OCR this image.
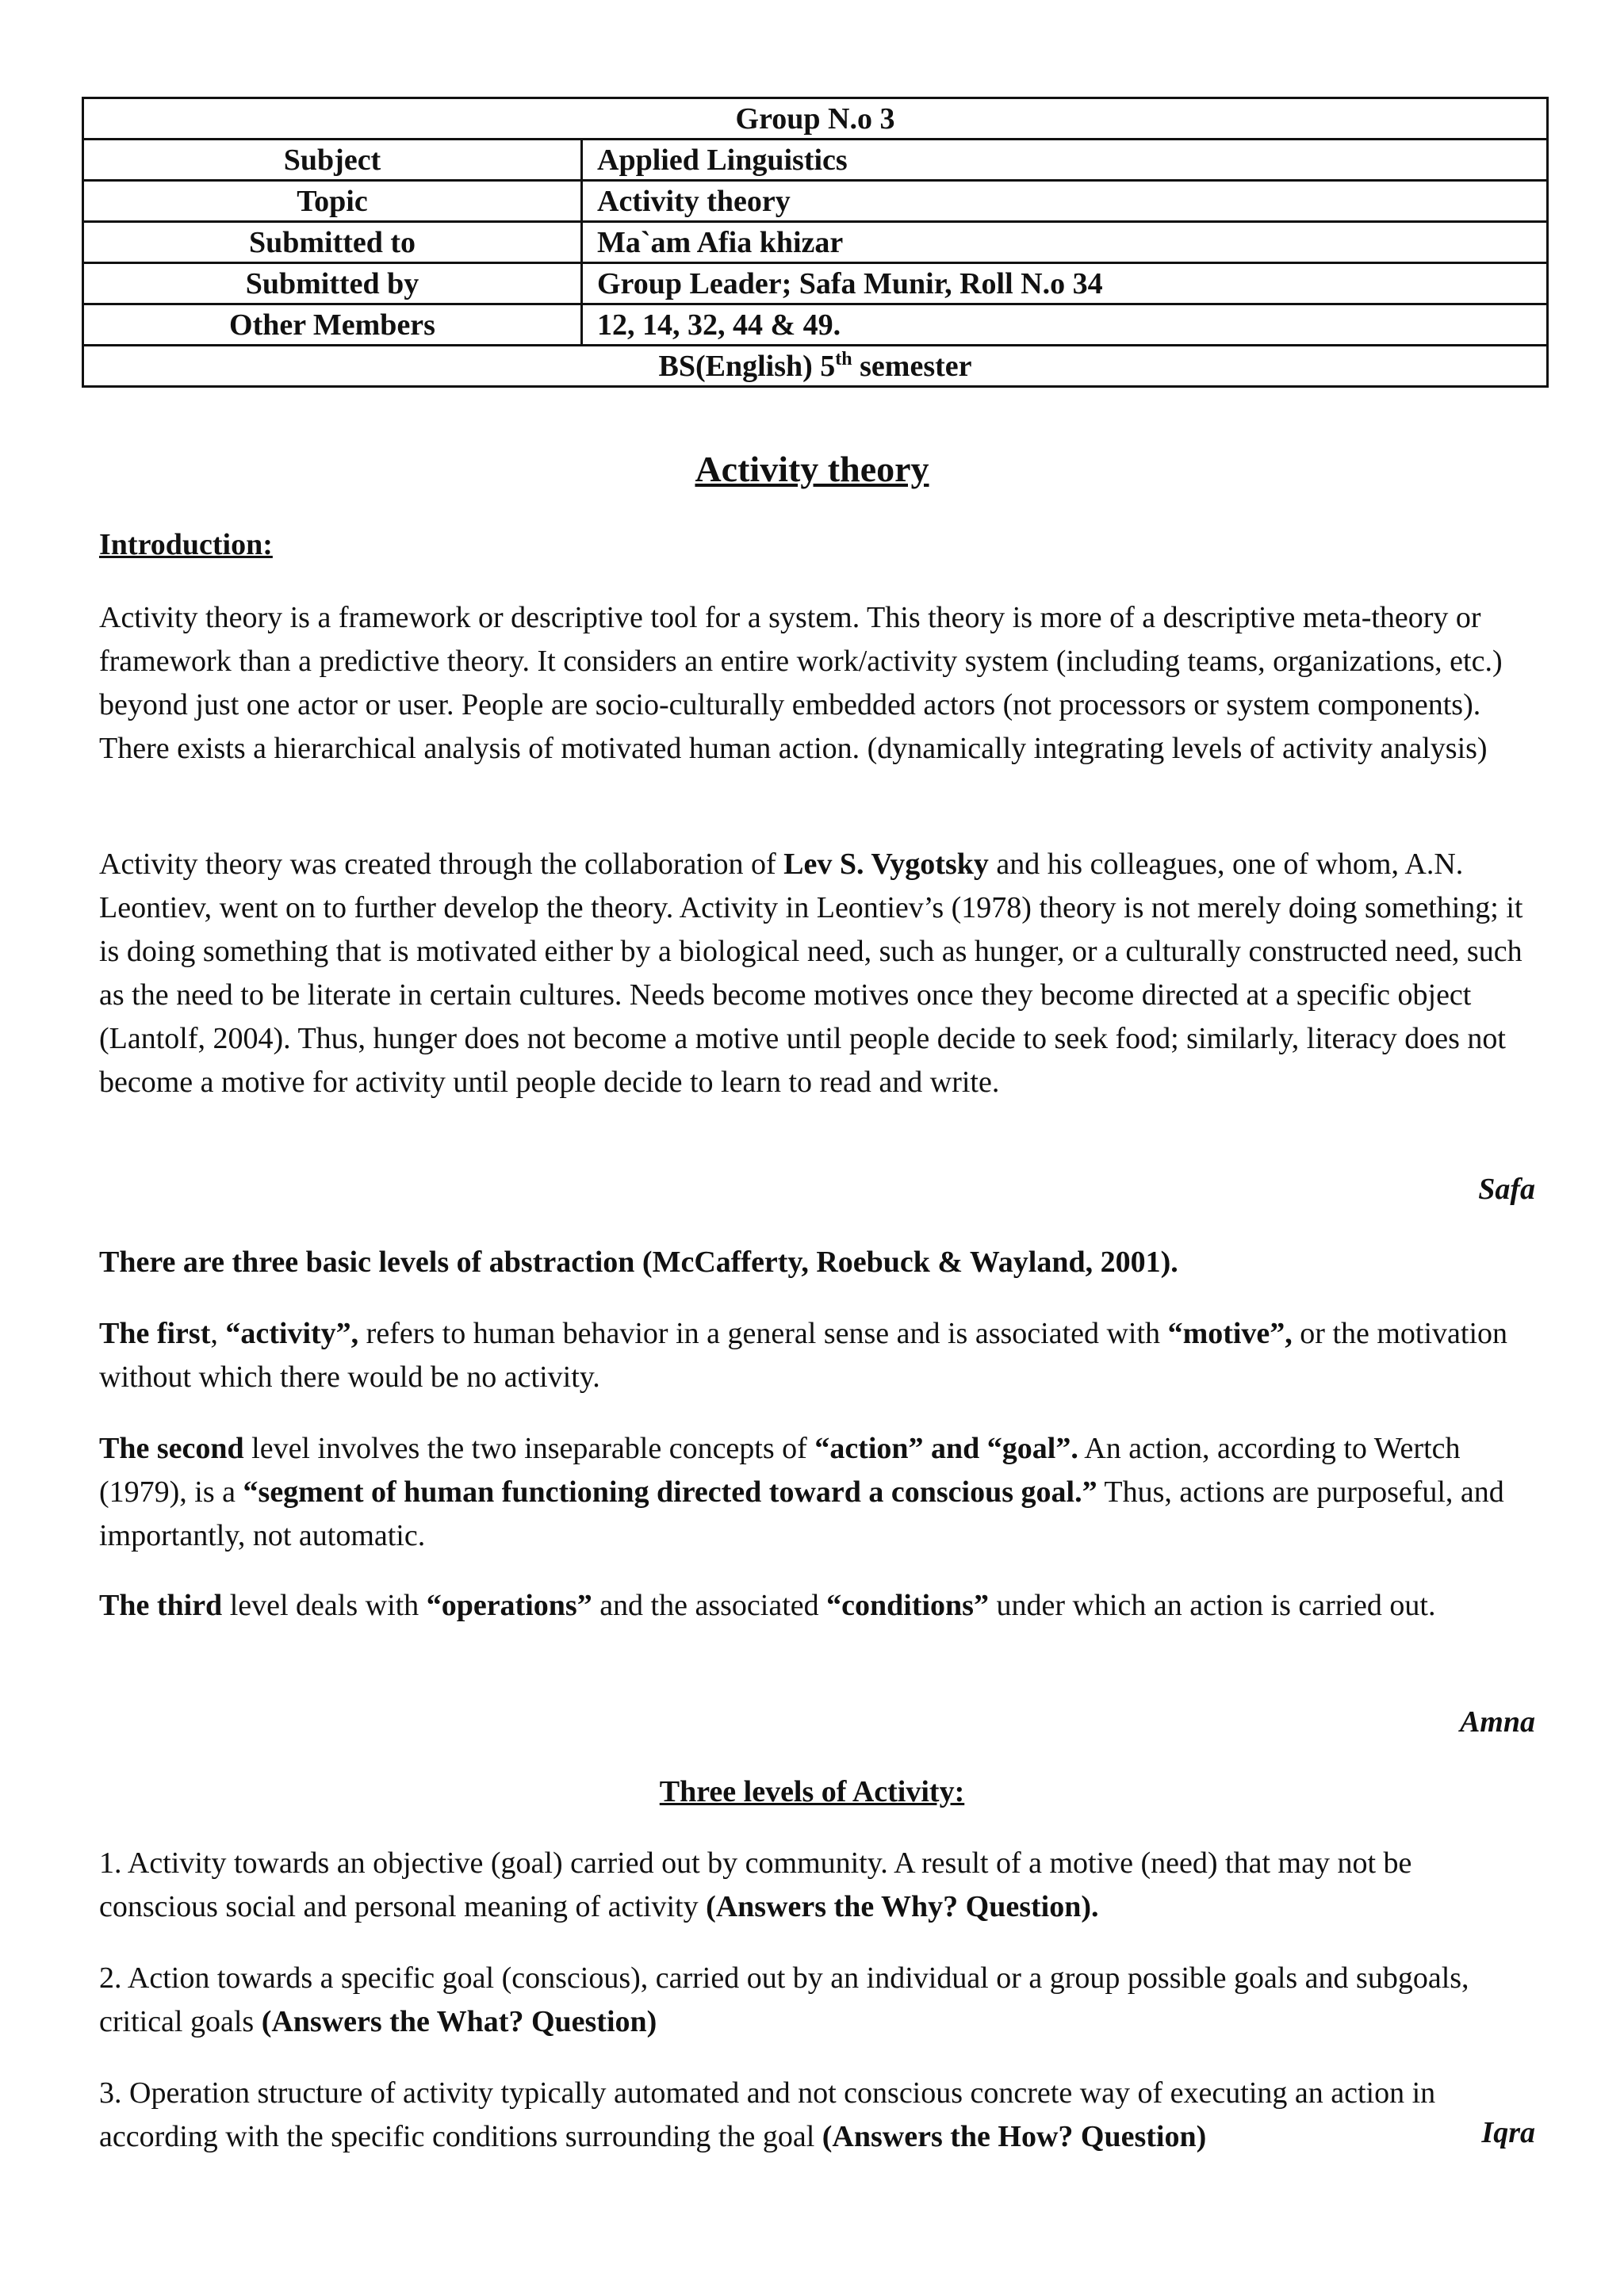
Group N.o 3	
Subject	Applied Linguistics
Topic	Activity theory
Submitted to	Ma`am Afia khizar
Submitted by	Group Leader; Safa Munir, Roll N.o 34
Other Members	12, 14, 32, 44 & 49.
BS(English) 5th semester	
Activity theory
Introduction:
Activity theory is a framework or descriptive tool for a system. This theory is more of a descriptive meta-theory or framework than a predictive theory. It considers an entire work/activity system (including teams, organizations, etc.) beyond just one actor or user. People are socio-culturally embedded actors (not processors or system components). There exists a hierarchical analysis of motivated human action. (dynamically integrating levels of activity analysis)
Activity theory was created through the collaboration of Lev S. Vygotsky and his colleagues, one of whom, A.N. Leontiev, went on to further develop the theory. Activity in Leontiev’s (1978) theory is not merely doing something; it is doing something that is motivated either by a biological need, such as hunger, or a culturally constructed need, such as the need to be literate in certain cultures. Needs become motives once they become directed at a specific object (Lantolf, 2004). Thus, hunger does not become a motive until people decide to seek food; similarly, literacy does not become a motive for activity until people decide to learn to read and write.
Safa
There are three basic levels of abstraction (McCafferty, Roebuck & Wayland, 2001).
The first, “activity”, refers to human behavior in a general sense and is associated with “motive”, or the motivation without which there would be no activity.
The second level involves the two inseparable concepts of “action” and “goal”. An action, according to Wertch (1979), is a “segment of human functioning directed toward a conscious goal.” Thus, actions are purposeful, and importantly, not automatic.
The third level deals with “operations” and the associated “conditions” under which an action is carried out.
Amna
Three levels of Activity:
1. Activity towards an objective (goal) carried out by community. A result of a motive (need) that may not be conscious social and personal meaning of activity (Answers the Why? Question).
2. Action towards a specific goal (conscious), carried out by an individual or a group possible goals and subgoals, critical goals (Answers the What? Question)
3. Operation structure of activity typically automated and not conscious concrete way of executing an action in according with the specific conditions surrounding the goal (Answers the How? Question)	Iqra
